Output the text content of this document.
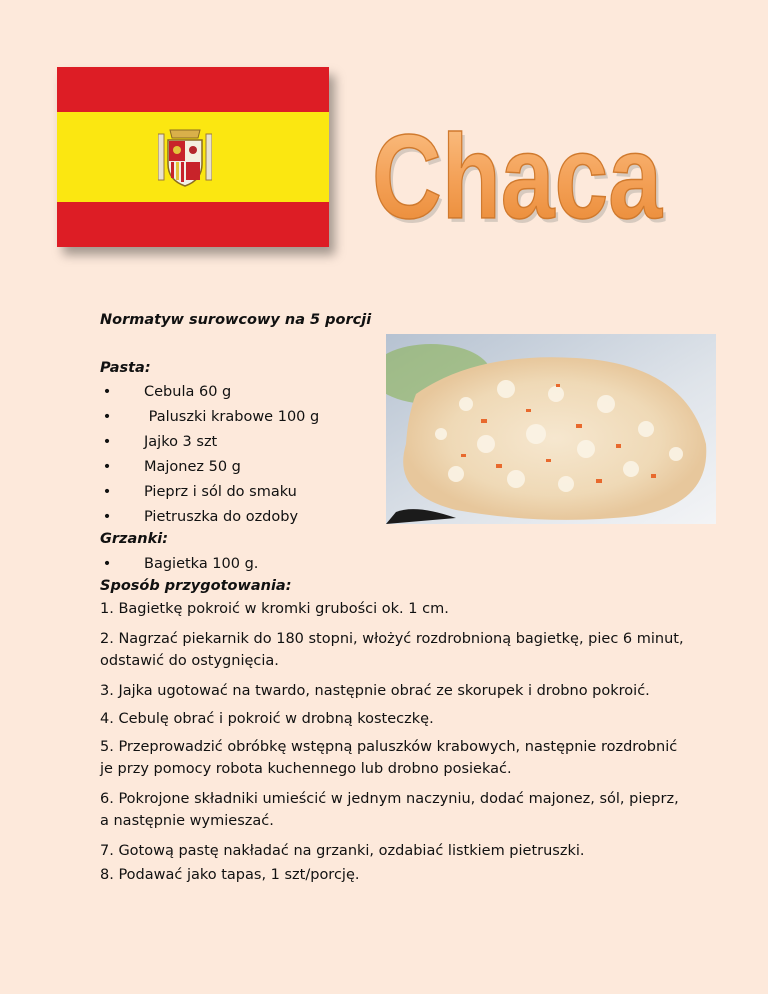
Chaca
Chaca
Normatyw surowcowy na 5 porcji
Pasta:
• Cebula 60 g
• Paluszki krabowe 100 g
• Jajko 3 szt
• Majonez 50 g
• Pieprz i sól do smaku
• Pietruszka do ozdoby
Grzanki:
• Bagietka 100 g.
Sposób przygotowania:
1. Bagietkę pokroić w kromki grubości ok. 1 cm.
2. Nagrzać piekarnik do 180 stopni, włożyć rozdrobnioną bagietkę, piec 6 minut, odstawić do ostygnięcia.
3. Jajka ugotować na twardo, następnie obrać ze skorupek i drobno pokroić.
4. Cebulę obrać i pokroić w drobną kosteczkę.
5. Przeprowadzić obróbkę wstępną paluszków krabowych, następnie rozdrobnić je przy pomocy robota kuchennego lub drobno posiekać.
6. Pokrojone składniki umieścić w jednym naczyniu, dodać majonez, sól, pieprz, a następnie wymieszać.
7. Gotową pastę nakładać na grzanki, ozdabiać listkiem pietruszki.
8. Podawać jako tapas, 1 szt/porcję.
